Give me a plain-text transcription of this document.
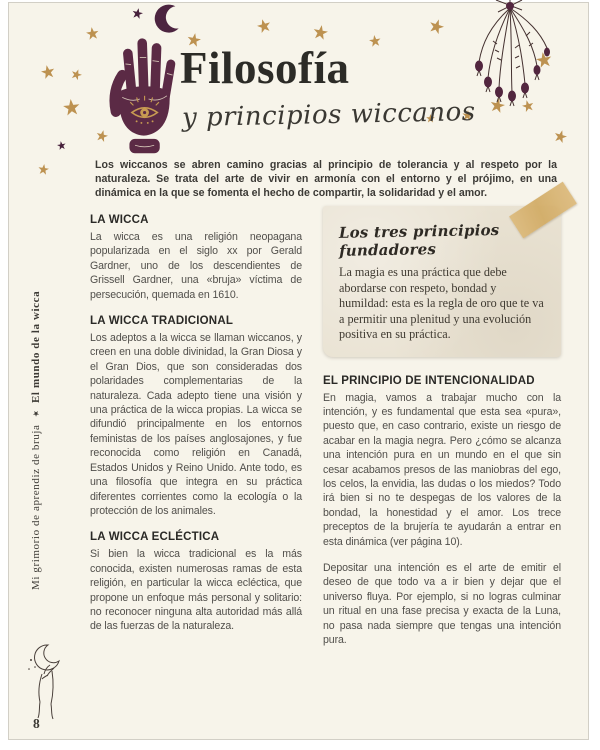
Filosofía
y principios wiccanos
Los wiccanos se abren camino gracias al principio de tolerancia y al respeto por la naturaleza. Se trata del arte de vivir en armonía con el entorno y el prójimo, en una dinámica en la que se fomenta el hecho de compartir, la solidaridad y el amor.
LA WICCA

La wicca es una religión neopagana popularizada en el siglo xx por Gerald Gardner, uno de los descendientes de Grissell Gardner, una «bruja» víctima de persecución, quemada en 1610.

LA WICCA TRADICIONAL

Los adeptos a la wicca se llaman wiccanos, y creen en una doble divinidad, la Gran Diosa y el Gran Dios, que son consideradas dos polaridades complementarias de la naturaleza. Cada adepto tiene una visión y una práctica de la wicca propias. La wicca se difundió principalmente en los entornos feministas de los países anglosajones, y fue reconocida como religión en Canadá, Estados Unidos y Reino Unido. Ante todo, es una filosofía que integra en su práctica diferentes corrientes como la ecología o la protección de los animales.

LA WICCA ECLÉCTICA

Si bien la wicca tradicional es la más conocida, existen numerosas ramas de esta religión, en particular la wicca ecléctica, que propone un enfoque más personal y solitario: no reconocer ninguna alta autoridad más allá de las fuerzas de la naturaleza.

Los tres principios fundadores

La magia es una práctica que debe abordarse con respeto, bondad y humildad: esta es la regla de oro que te va a permitir una plenitud y una evolución positiva en su práctica.

EL PRINCIPIO DE INTENCIONALIDAD

En magia, vamos a trabajar mucho con la intención, y es fundamental que esta sea «pura», puesto que, en caso contrario, existe un riesgo de acabar en la magia negra. Pero ¿cómo se alcanza una intención pura en un mundo en el que sin cesar acabamos presos de las maniobras del ego, los celos, la envidia, las dudas o los miedos? Todo irá bien si no te despegas de los valores de la bondad, la honestidad y el amor. Los trece preceptos de la brujería te ayudarán a entrar en esta dinámica (ver página 10).

Depositar una intención es el arte de emitir el deseo de que todo va a ir bien y dejar que el universo fluya. Por ejemplo, si no logras culminar un ritual en una fase precisa y exacta de la Luna, no pasa nada siempre que tengas una intención pura.

Mi grimorio de aprendiz de bruja
★
El mundo de la wicca
8
